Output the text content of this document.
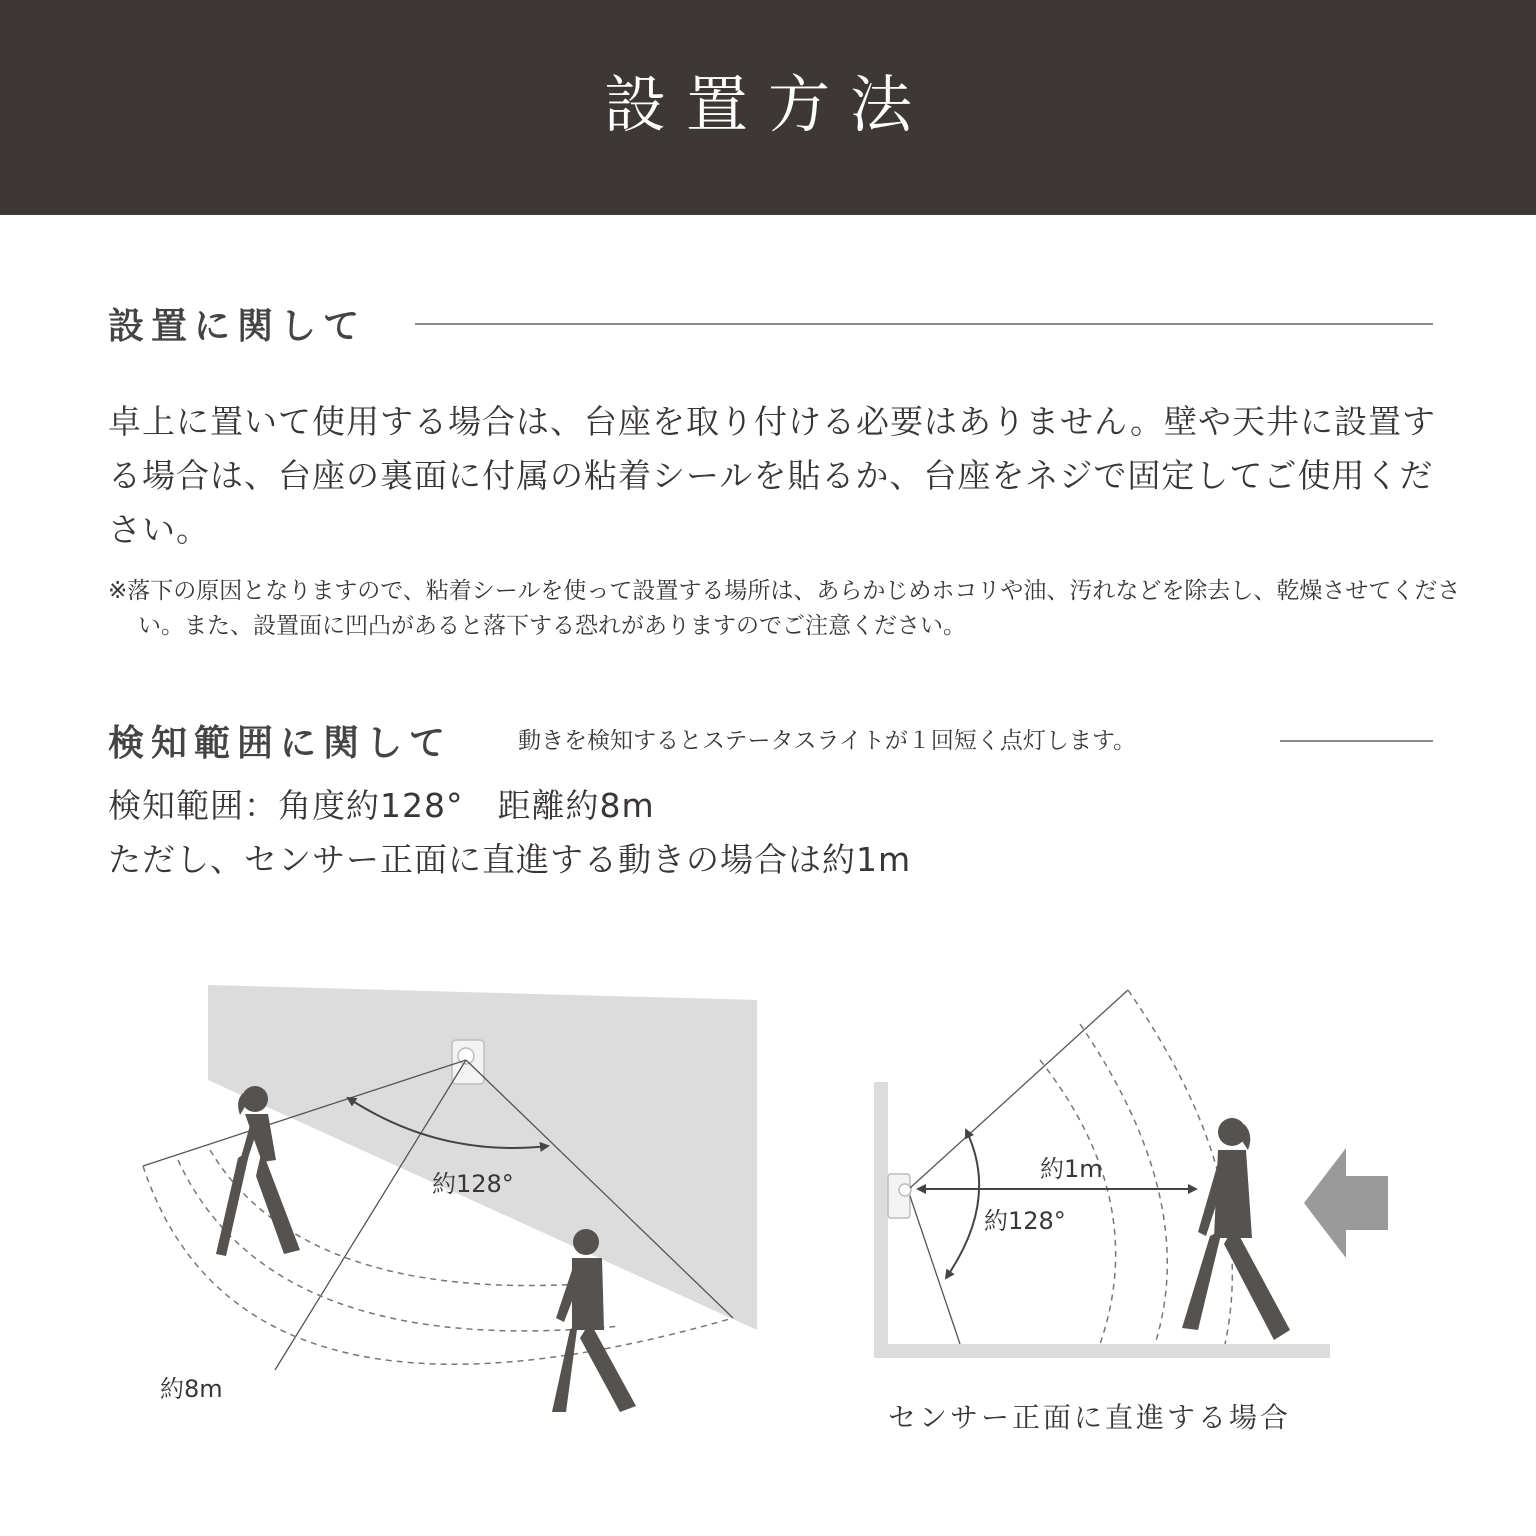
設置方法
設置に関して
卓上に置いて使用する場合は、台座を取り付ける必要はありません。壁や天井に設置する場合は、台座の裏面に付属の粘着シールを貼るか、台座をネジで固定してご使用ください。
※落下の原因となりますので、粘着シールを使って設置する場所は、あらかじめホコリや油、汚れなどを除去し、乾燥させてください。また、設置面に凹凸があると落下する恐れがありますのでご注意ください。
検知範囲に関して	動きを検知するとステータスライトが１回短く点灯します。
検知範囲：角度約128°　距離約8m
ただし、センサー正面に直進する動きの場合は約1m
約128°
約8m
約1m
約128°
センサー正面に直進する場合
